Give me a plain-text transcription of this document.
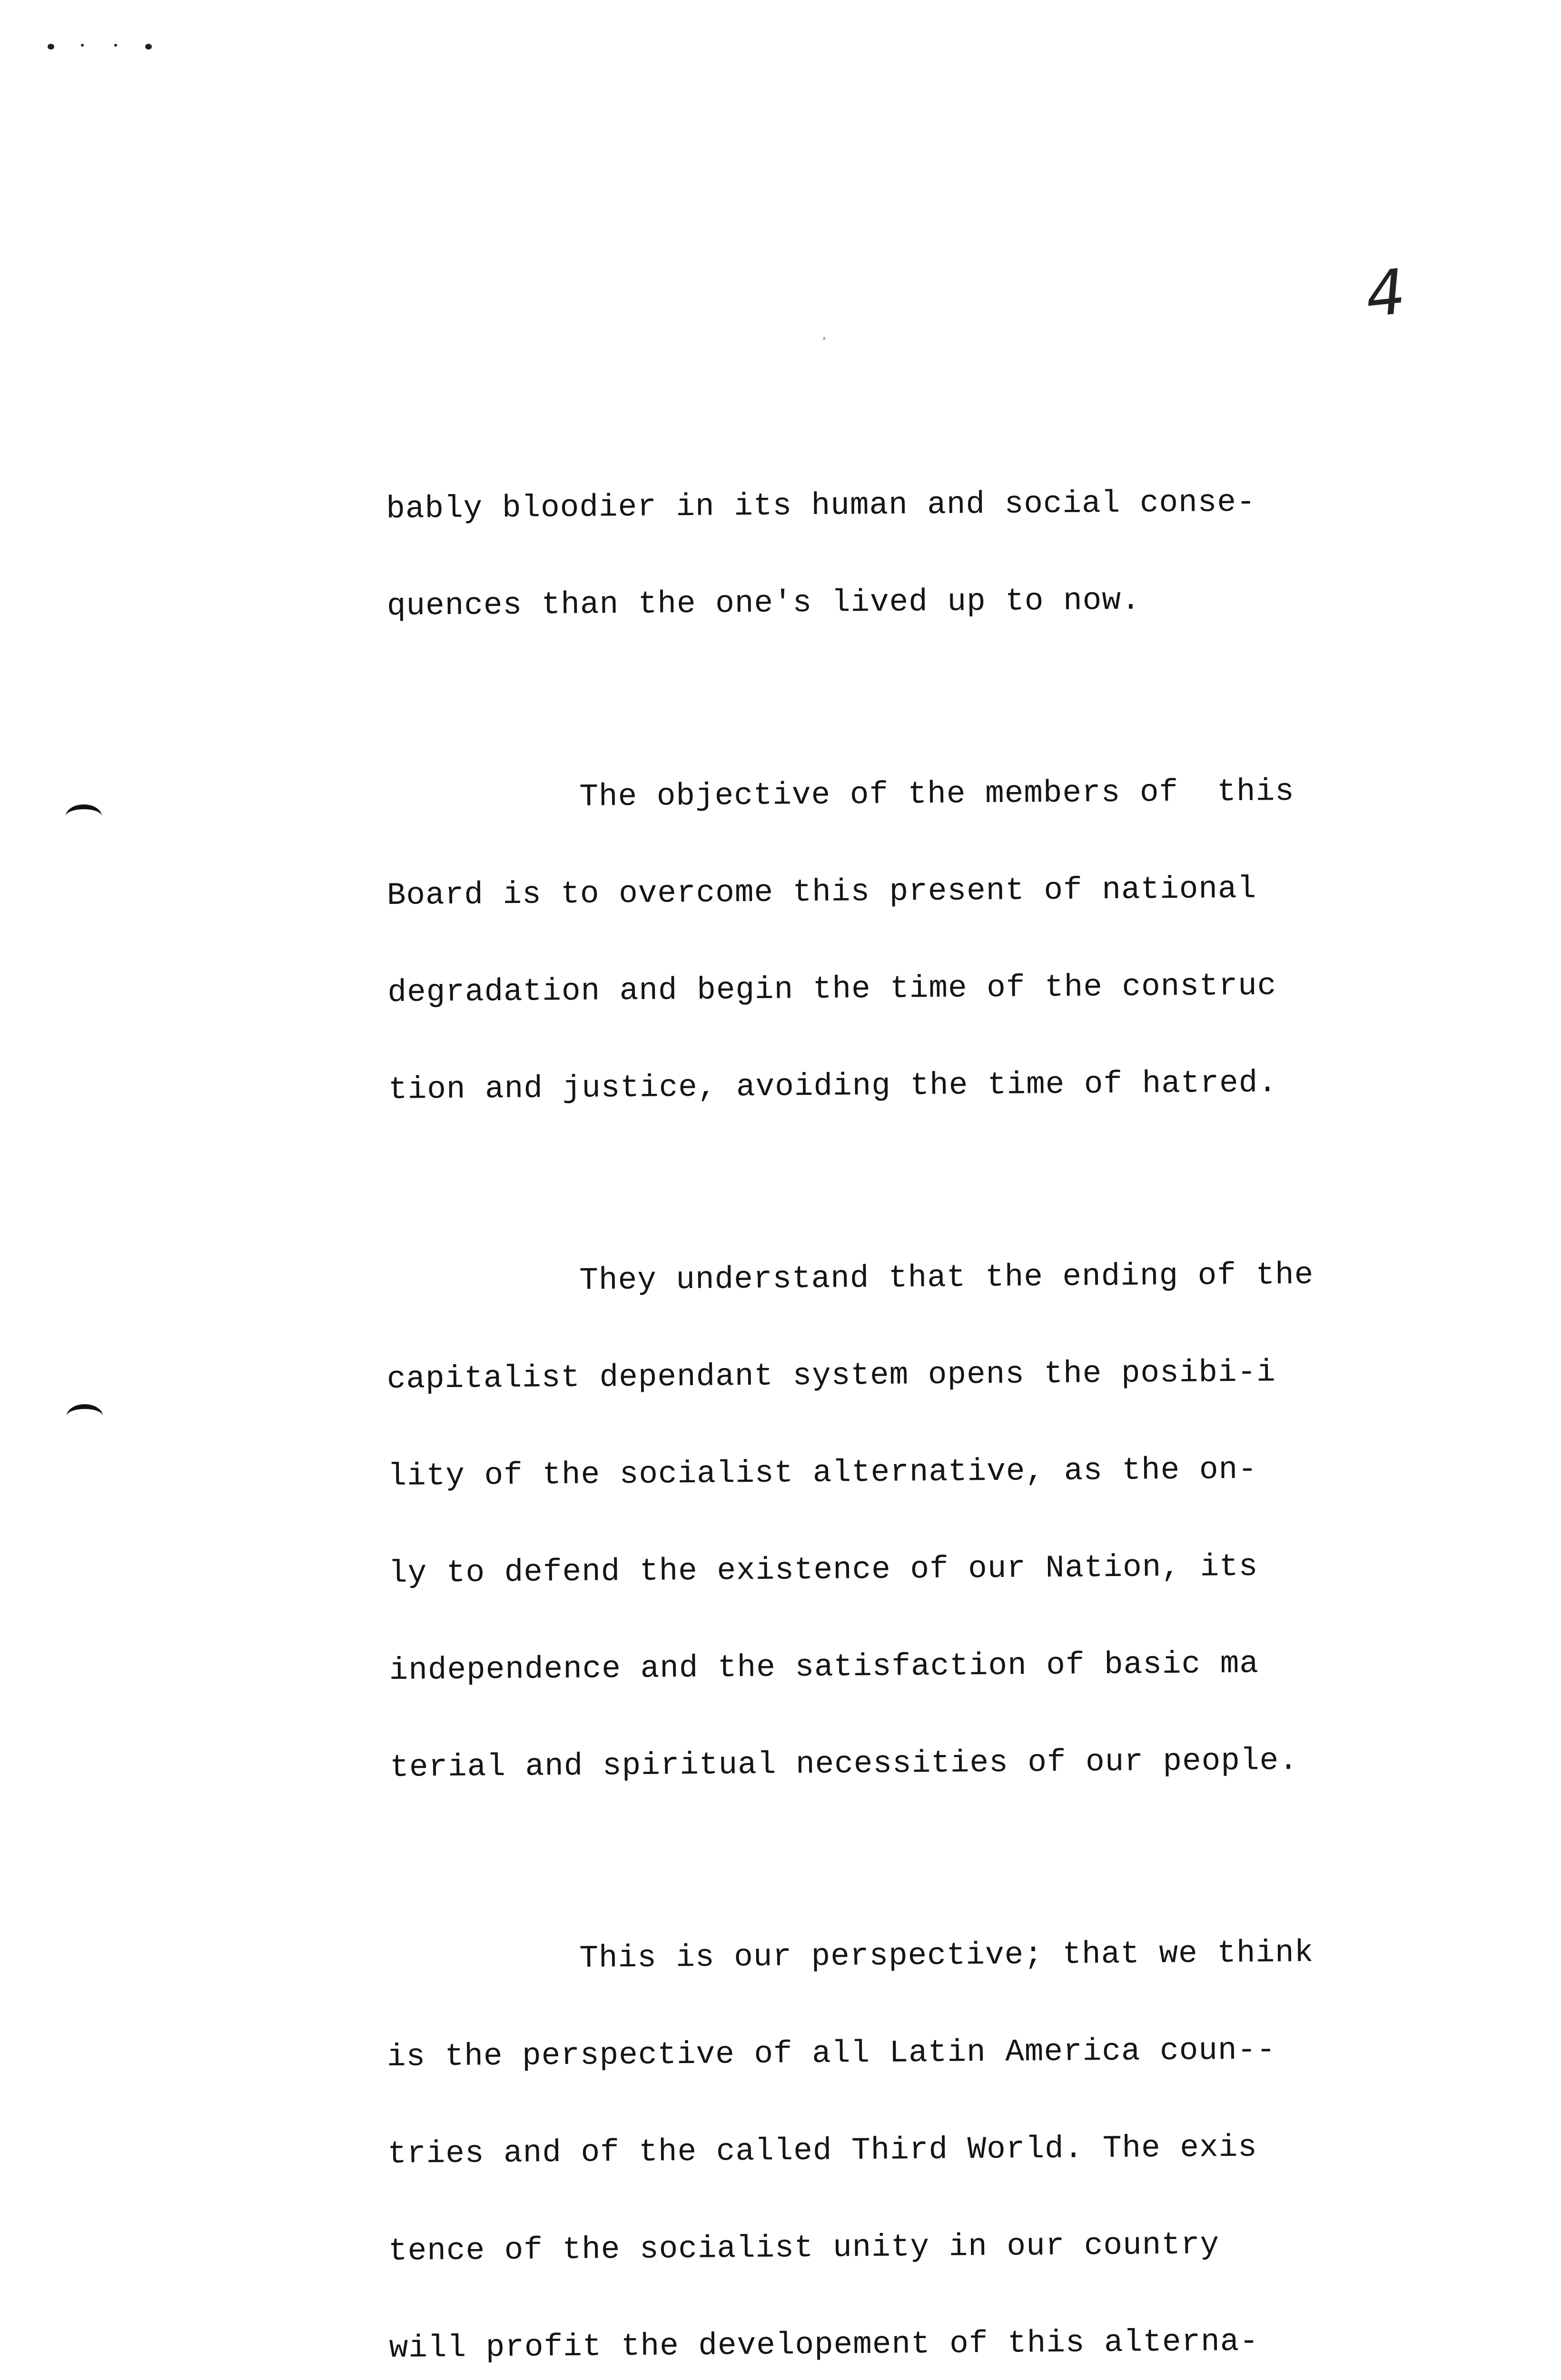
4
·

bably bloodier in its human and social conse-

quences than the one's lived up to now.

The objective of the members of  this

Board is to overcome this present of national

degradation and begin the time of the construc

tion and justice, avoiding the time of hatred.

They understand that the ending of the

capitalist dependant system opens the posibi-i

lity of the socialist alternative, as the on-

ly to defend the existence of our Nation, its

independence and the satisfaction of basic ma

terial and spiritual necessities of our people.

This is our perspective; that we think

is the perspective of all Latin America coun--

tries and of the called Third World. The exis

tence of the socialist unity in our country

will profit the developement of this alterna-
